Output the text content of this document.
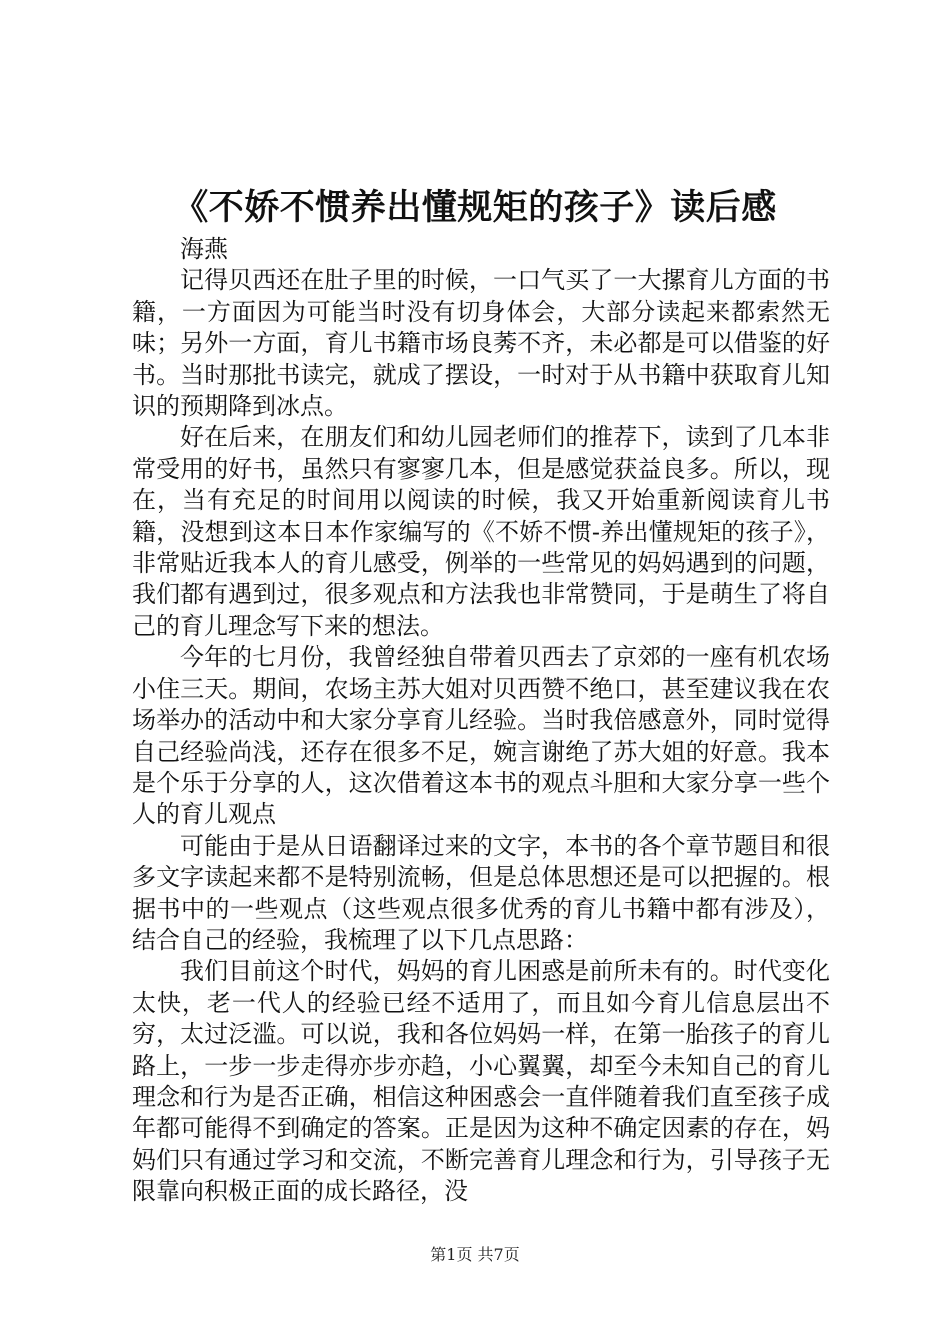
《不娇不惯养出懂规矩的孩子》读后感
海燕

记得贝西还在肚子里的时候，一口气买了一大摞育儿方面的书籍，一方面因为可能当时没有切身体会，大部分读起来都索然无味；另外一方面，育儿书籍市场良莠不齐，未必都是可以借鉴的好书。当时那批书读完，就成了摆设，一时对于从书籍中获取育儿知识的预期降到冰点。

好在后来，在朋友们和幼儿园老师们的推荐下，读到了几本非常受用的好书，虽然只有寥寥几本，但是感觉获益良多。所以，现在，当有充足的时间用以阅读的时候，我又开始重新阅读育儿书籍，没想到这本日本作家编写的《不娇不惯-养出懂规矩的孩子》，非常贴近我本人的育儿感受，例举的一些常见的妈妈遇到的问题，我们都有遇到过，很多观点和方法我也非常赞同，于是萌生了将自己的育儿理念写下来的想法。

今年的七月份，我曾经独自带着贝西去了京郊的一座有机农场小住三天。期间，农场主苏大姐对贝西赞不绝口，甚至建议我在农场举办的活动中和大家分享育儿经验。当时我倍感意外，同时觉得自己经验尚浅，还存在很多不足，婉言谢绝了苏大姐的好意。我本是个乐于分享的人，这次借着这本书的观点斗胆和大家分享一些个人的育儿观点

可能由于是从日语翻译过来的文字，本书的各个章节题目和很多文字读起来都不是特别流畅，但是总体思想还是可以把握的。根据书中的一些观点（这些观点很多优秀的育儿书籍中都有涉及），结合自己的经验，我梳理了以下几点思路：

我们目前这个时代，妈妈的育儿困惑是前所未有的。时代变化太快，老一代人的经验已经不适用了，而且如今育儿信息层出不穷，太过泛滥。可以说，我和各位妈妈一样，在第一胎孩子的育儿路上，一步一步走得亦步亦趋，小心翼翼，却至今未知自己的育儿理念和行为是否正确，相信这种困惑会一直伴随着我们直至孩子成年都可能得不到确定的答案。正是因为这种不确定因素的存在，妈妈们只有通过学习和交流，不断完善育儿理念和行为，引导孩子无限靠向积极正面的成长路径，没

第1页 共7页
